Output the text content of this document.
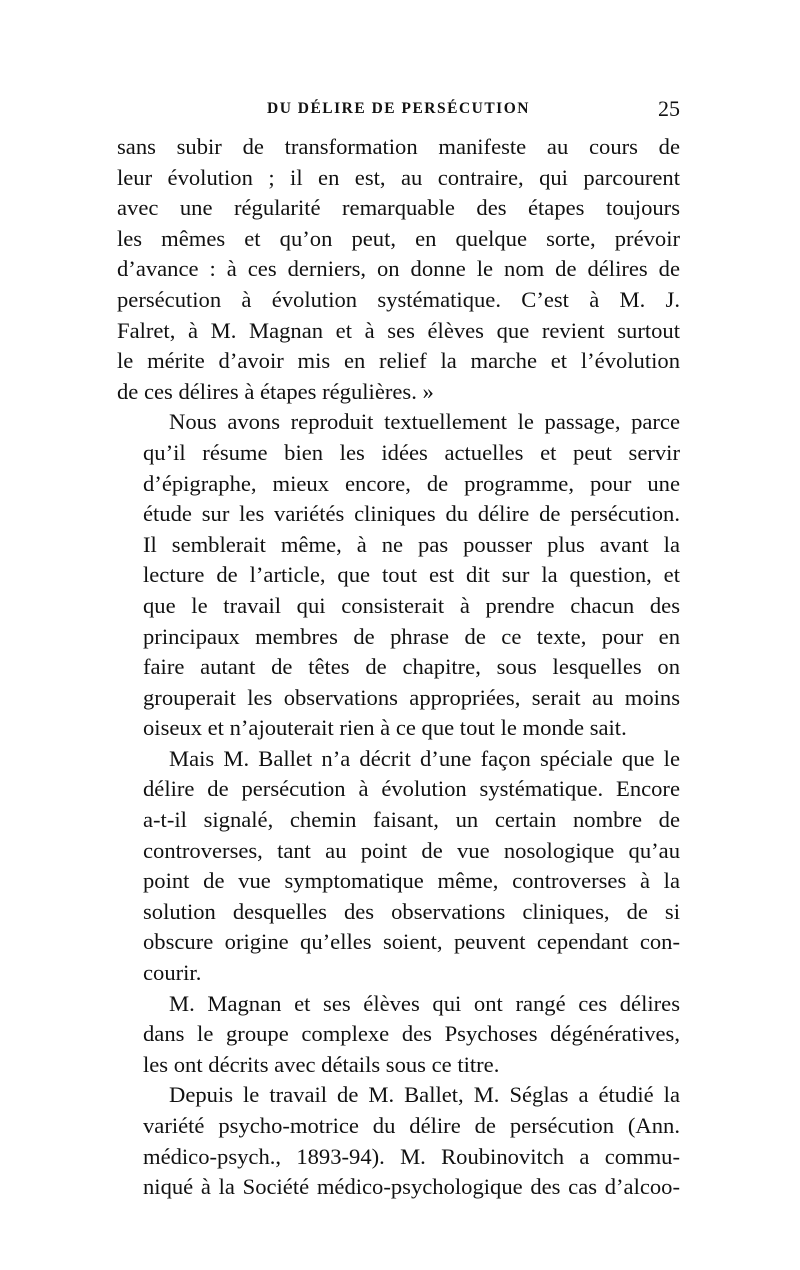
DU DÉLIRE DE PERSÉCUTION	25

sans subir de transformation manifeste au cours de
leur évolution ; il en est, au contraire, qui parcourent
avec une régularité remarquable des étapes toujours
les mêmes et qu’on peut, en quelque sorte, prévoir
d’avance : à ces derniers, on donne le nom de délires de
persécution à évolution systématique. C’est à M. J.
Falret, à M. Magnan et à ses élèves que revient surtout
le mérite d’avoir mis en relief la marche et l’évolution
de ces délires à étapes régulières. »

Nous avons reproduit textuellement le passage, parce
qu’il résume bien les idées actuelles et peut servir
d’épigraphe, mieux encore, de programme, pour une
étude sur les variétés cliniques du délire de persécution.
Il semblerait même, à ne pas pousser plus avant la
lecture de l’article, que tout est dit sur la question, et
que le travail qui consisterait à prendre chacun des
principaux membres de phrase de ce texte, pour en
faire autant de têtes de chapitre, sous lesquelles on
grouperait les observations appropriées, serait au moins
oiseux et n’ajouterait rien à ce que tout le monde sait.

Mais M. Ballet n’a décrit d’une façon spéciale que le
délire de persécution à évolution systématique. Encore
a-t-il signalé, chemin faisant, un certain nombre de
controverses, tant au point de vue nosologique qu’au
point de vue symptomatique même, controverses à la
solution desquelles des observations cliniques, de si
obscure origine qu’elles soient, peuvent cependant con-
courir.

M. Magnan et ses élèves qui ont rangé ces délires
dans le groupe complexe des Psychoses dégénératives,
les ont décrits avec détails sous ce titre.

Depuis le travail de M. Ballet, M. Séglas a étudié la
variété psycho-motrice du délire de persécution (Ann.
médico-psych., 1893-94). M. Roubinovitch a commu-
niqué à la Société médico-psychologique des cas d’alcoo-
